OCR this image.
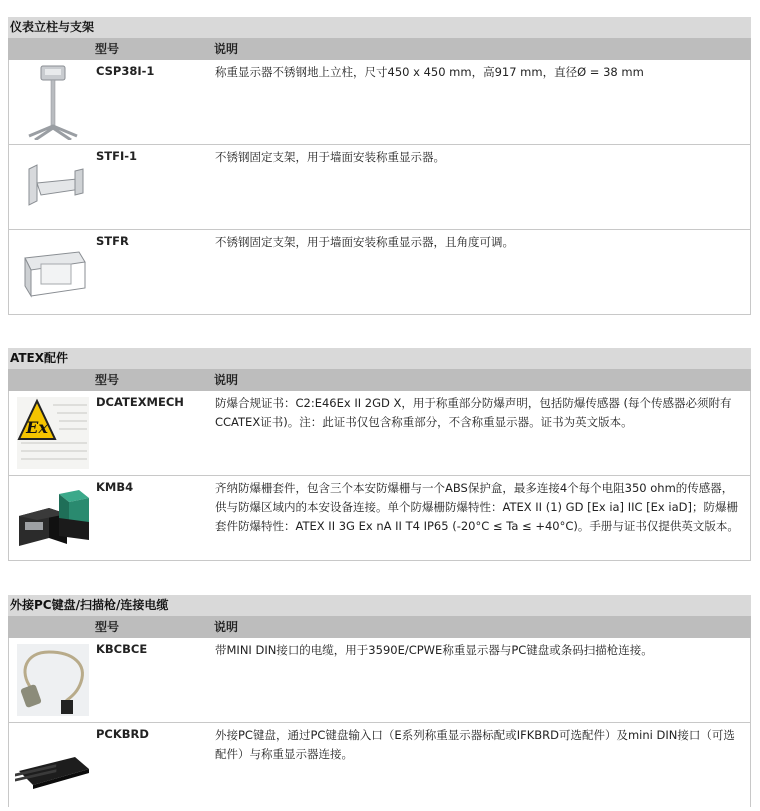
仪表立柱与支架
型号	说明
CSP38I-1	称重显示器不锈钢地上立柱，尺寸450 x 450 mm，高917 mm，直径Ø = 38 mm
STFI-1	不锈钢固定支架，用于墙面安装称重显示器。
STFR	不锈钢固定支架，用于墙面安装称重显示器，且角度可调。
ATEX配件
型号	说明
Ex
DCATEXMECH	防爆合规证书：C2:E46Ex II 2GD X，用于称重部分防爆声明，包括防爆传感器 (每个传感器必须附有CCATEX证书)。注：此证书仅包含称重部分，不含称重显示器。证书为英文版本。
KMB4	齐纳防爆栅套件，包含三个本安防爆栅与一个ABS保护盒，最多连接4个每个电阻350 ohm的传感器，供与防爆区域内的本安设备连接。单个防爆栅防爆特性：ATEX II (1) GD [Ex ia] IIC [Ex iaD]；防爆栅套件防爆特性：ATEX II 3G Ex nA II T4 IP65 (-20°C ≤ Ta ≤ +40°C)。手册与证书仅提供英文版本。
外接PC键盘/扫描枪/连接电缆
型号	说明
KBCBCE	带MINI DIN接口的电缆，用于3590E/CPWE称重显示器与PC键盘或条码扫描枪连接。
PCKBRD	外接PC键盘，通过PC键盘输入口（E系列称重显示器标配或IFKBRD可选配件）及mini DIN接口（可选配件）与称重显示器连接。
